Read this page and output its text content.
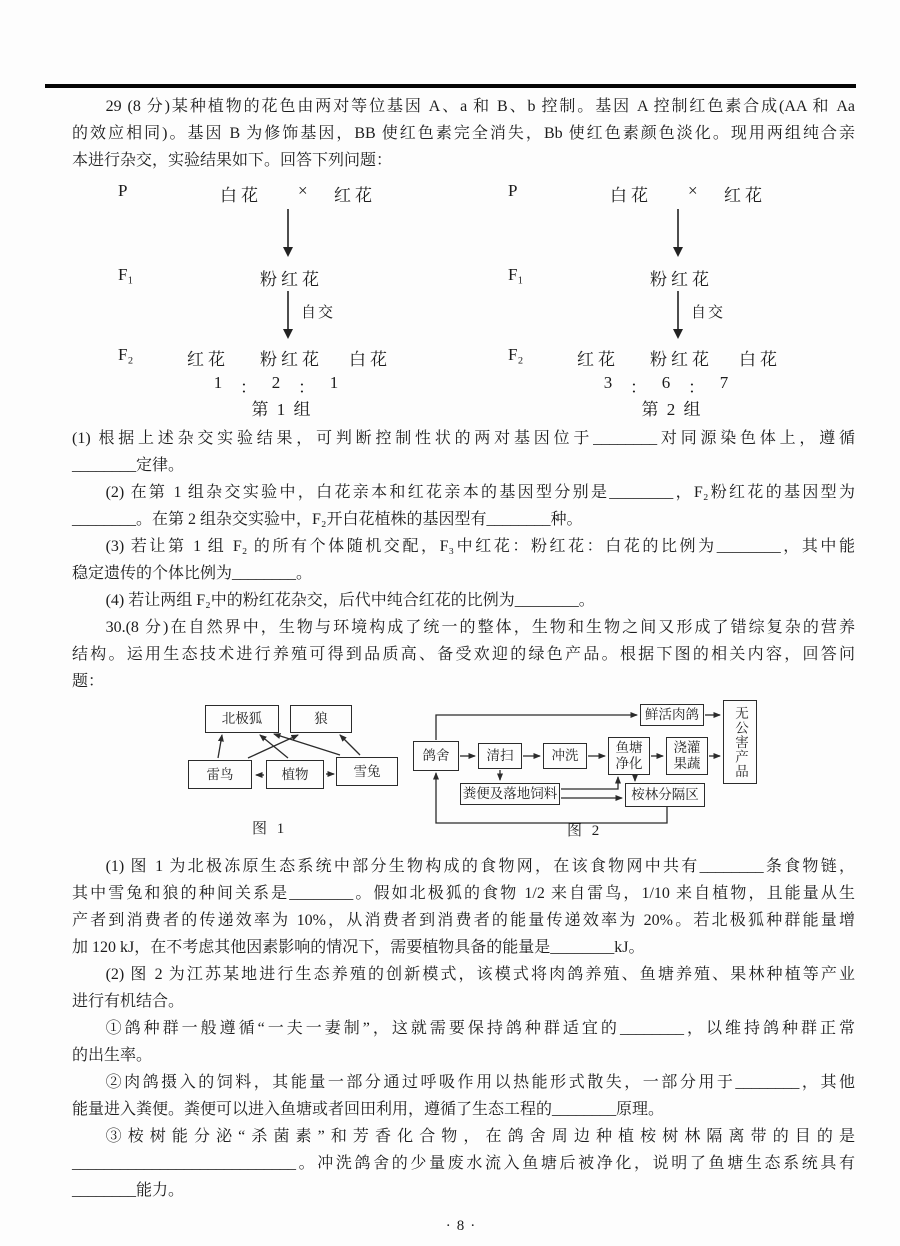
29 (8 分)某种植物的花色由两对等位基因 A、a 和 B、b 控制。基因 A 控制红色素合成(AA 和 Aa
的效应相同)。基因 B 为修饰基因，BB 使红色素完全消失，Bb 使红色素颜色淡化。现用两组纯合亲
本进行杂交，实验结果如下。回答下列问题：
P	白花 × 红花
F₁	粉红花
自交
F₂	红花 粉红花 白花
1 ： 2 ： 1
第 1 组
P	白花 × 红花
F₁	粉红花
自交
F₂	红花 粉红花 白花
3 ： 6 ： 7
第 2 组
(1) 根据上述杂交实验结果，可判断控制性状的两对基因位于________对同源染色体上，遵循
________定律。
(2) 在第 1 组杂交实验中，白花亲本和红花亲本的基因型分别是________，F₂粉红花的基因型为
________。在第 2 组杂交实验中，F₂开白花植株的基因型有________种。
(3) 若让第 1 组 F₂ 的所有个体随机交配，F₃中红花：粉红花：白花的比例为________，其中能
稳定遗传的个体比例为________。
(4) 若让两组 F₂中的粉红花杂交，后代中纯合红花的比例为________。
30.(8 分)在自然界中，生物与环境构成了统一的整体，生物和生物之间又形成了错综复杂的营养
结构。运用生态技术进行养殖可得到品质高、备受欢迎的绿色产品。根据下图的相关内容，回答问
题：
北极狐	狼
雷鸟	植物	雪兔
图 1
鸽舍	清扫	冲洗
鱼塘净化
浇灌果蔬
鲜活肉鸽	无公害产品
粪便及落地饲料	桉林分隔区
图 2
(1) 图 1 为北极冻原生态系统中部分生物构成的食物网，在该食物网中共有________条食物链，
其中雪兔和狼的种间关系是________。假如北极狐的食物 1/2 来自雷鸟，1/10 来自植物，且能量从生
产者到消费者的传递效率为 10%，从消费者到消费者的能量传递效率为 20%。若北极狐种群能量增
加 120 kJ，在不考虑其他因素影响的情况下，需要植物具备的能量是________kJ。
(2) 图 2 为江苏某地进行生态养殖的创新模式，该模式将肉鸽养殖、鱼塘养殖、果林种植等产业
进行有机结合。
①鸽种群一般遵循“一夫一妻制”，这就需要保持鸽种群适宜的________，以维持鸽种群正常
的出生率。
②肉鸽摄入的饲料，其能量一部分通过呼吸作用以热能形式散失，一部分用于________，其他
能量进入粪便。粪便可以进入鱼塘或者回田利用，遵循了生态工程的________原理。
③桉树能分泌“杀菌素”和芳香化合物，在鸽舍周边种植桉树林隔离带的目的是
____________________________。冲洗鸽舍的少量废水流入鱼塘后被净化，说明了鱼塘生态系统具有
________能力。
·8·
